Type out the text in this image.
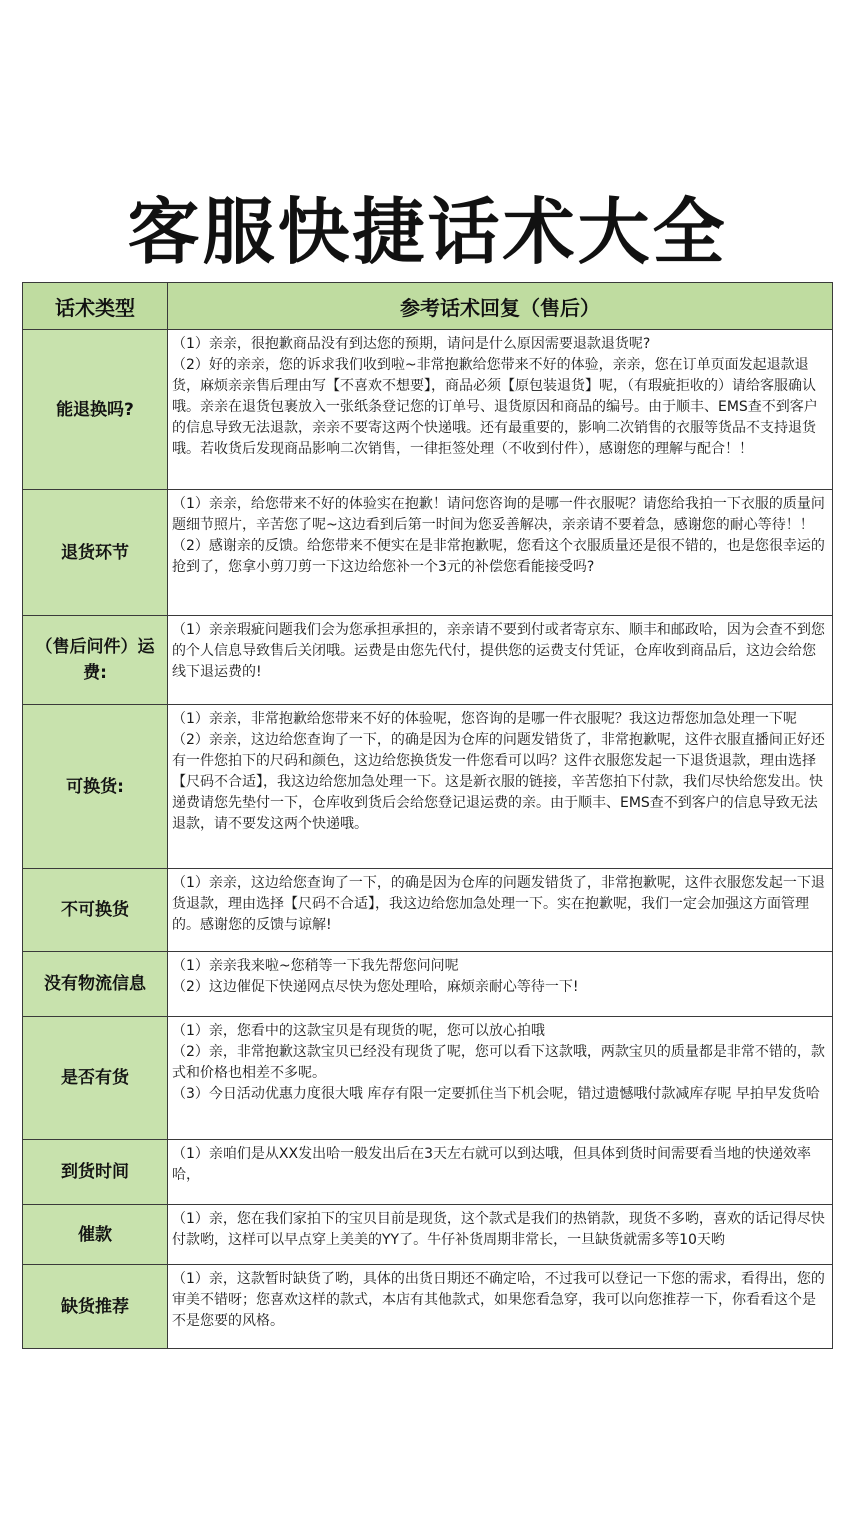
客服快捷话术大全
话术类型	参考话术回复（售后）
能退换吗?	（1）亲亲，很抱歉商品没有到达您的预期，请问是什么原因需要退款退货呢?
（2）好的亲亲，您的诉求我们收到啦~非常抱歉给您带来不好的体验，亲亲，您在订单页面发起退款退货，麻烦亲亲售后理由写【不喜欢不想要】，商品必须【原包装退货】呢，（有瑕疵拒收的）请给客服确认哦。亲亲在退货包裹放入一张纸条登记您的订单号、退货原因和商品的编号。由于顺丰、EMS查不到客户的信息导致无法退款，亲亲不要寄这两个快递哦。还有最重要的，影响二次销售的衣服等货品不支持退货哦。若收货后发现商品影响二次销售，一律拒签处理（不收到付件），感谢您的理解与配合！！

退货环节	（1）亲亲，给您带来不好的体验实在抱歉！请问您咨询的是哪一件衣服呢？请您给我拍一下衣服的质量问题细节照片，辛苦您了呢~这边看到后第一时间为您妥善解决，亲亲请不要着急，感谢您的耐心等待！！
（2）感谢亲的反馈。给您带来不便实在是非常抱歉呢，您看这个衣服质量还是很不错的，也是您很幸运的抢到了，您拿小剪刀剪一下这边给您补一个3元的补偿您看能接受吗?

（售后问件）运费:	（1）亲亲瑕疵问题我们会为您承担承担的，亲亲请不要到付或者寄京东、顺丰和邮政哈，因为会查不到您的个人信息导致售后关闭哦。运费是由您先代付，提供您的运费支付凭证，仓库收到商品后，这边会给您线下退运费的!

可换货:	（1）亲亲，非常抱歉给您带来不好的体验呢，您咨询的是哪一件衣服呢？我这边帮您加急处理一下呢
（2）亲亲，这边给您查询了一下，的确是因为仓库的问题发错货了，非常抱歉呢，这件衣服直播间正好还有一件您拍下的尺码和颜色，这边给您换货发一件您看可以吗？这件衣服您发起一下退货退款，理由选择【尺码不合适】，我这边给您加急处理一下。这是新衣服的链接，辛苦您拍下付款，我们尽快给您发出。快递费请您先垫付一下，仓库收到货后会给您登记退运费的亲。由于顺丰、EMS查不到客户的信息导致无法退款，请不要发这两个快递哦。

不可换货	（1）亲亲，这边给您查询了一下，的确是因为仓库的问题发错货了，非常抱歉呢，这件衣服您发起一下退货退款，理由选择【尺码不合适】，我这边给您加急处理一下。实在抱歉呢，我们一定会加强这方面管理的。感谢您的反馈与谅解!

没有物流信息	（1）亲亲我来啦~您稍等一下我先帮您问问呢
（2）这边催促下快递网点尽快为您处理哈，麻烦亲耐心等待一下!

是否有货	（1）亲，您看中的这款宝贝是有现货的呢，您可以放心拍哦
（2）亲，非常抱歉这款宝贝已经没有现货了呢，您可以看下这款哦，两款宝贝的质量都是非常不错的，款式和价格也相差不多呢。
（3）今日活动优惠力度很大哦 库存有限一定要抓住当下机会呢，错过遗憾哦付款减库存呢 早拍早发货哈

到货时间	（1）亲咱们是从XX发出哈一般发出后在3天左右就可以到达哦，但具体到货时间需要看当地的快递效率哈，

催款	（1）亲，您在我们家拍下的宝贝目前是现货，这个款式是我们的热销款，现货不多哟，喜欢的话记得尽快付款哟，这样可以早点穿上美美的YY了。牛仔补货周期非常长，一旦缺货就需多等10天哟

缺货推荐	（1）亲，这款暂时缺货了哟，具体的出货日期还不确定哈，不过我可以登记一下您的需求，看得出，您的审美不错呀；您喜欢这样的款式，本店有其他款式，如果您看急穿，我可以向您推荐一下，你看看这个是不是您要的风格。
